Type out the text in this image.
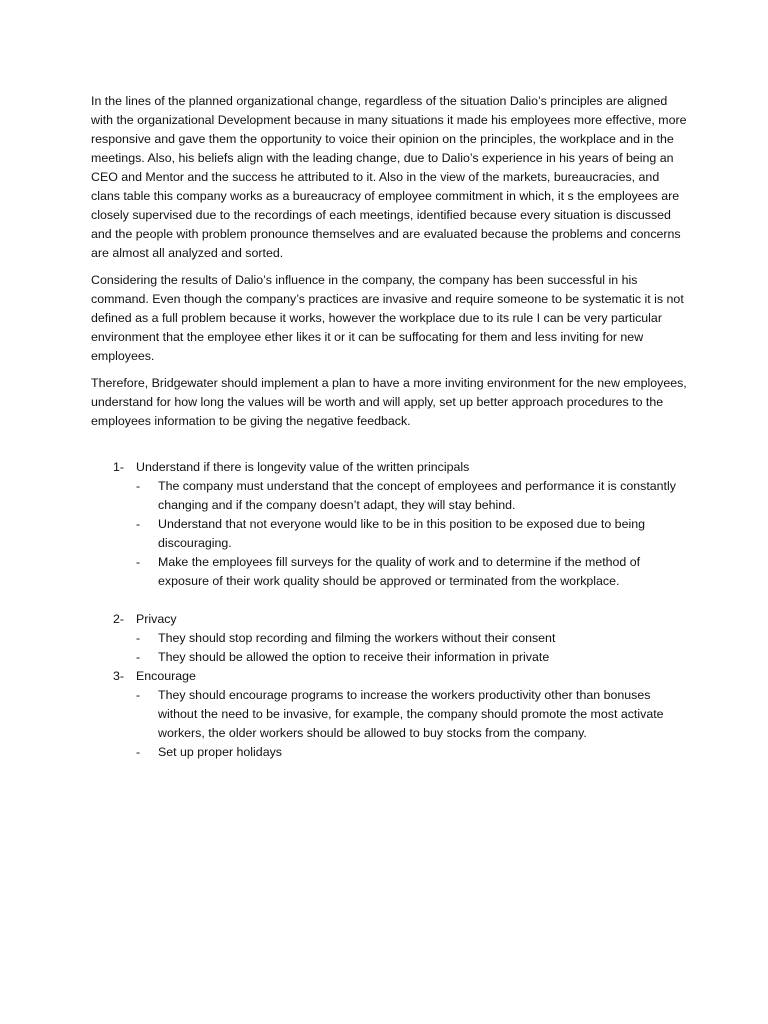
In the lines of the planned organizational change, regardless of the situation Dalio’s principles are aligned with the organizational Development because in many situations it made his employees more effective, more responsive and gave them the opportunity to voice their opinion on the principles, the workplace and in the meetings. Also, his beliefs align with the leading change, due to Dalio’s experience in his years of being an CEO and Mentor and the success he attributed to it. Also in the view of the markets, bureaucracies, and clans table this company works as a bureaucracy of employee commitment in which, it s the employees are closely supervised due to the recordings of each meetings, identified because every situation is discussed and the people with problem pronounce themselves and are evaluated because the problems and concerns are almost all analyzed and sorted.

Considering the results of Dalio’s influence in the company, the company has been successful in his command. Even though the company’s practices are invasive and require someone to be systematic it is not defined as a full problem because it works, however the workplace due to its rule I can be very particular environment that the employee ether likes it or it can be suffocating for them and less inviting for new employees.

Therefore, Bridgewater should implement a plan to have a more inviting environment for the new employees, understand for how long the values will be worth and will apply, set up better approach procedures to the employees information to be giving the negative feedback.

1- Understand if there is longevity value of the written principals
- The company must understand that the concept of employees and performance it is constantly changing and if the company doesn’t adapt, they will stay behind.
- Understand that not everyone would like to be in this position to be exposed due to being discouraging.
- Make the employees fill surveys for the quality of work and to determine if the method of exposure of their work quality should be approved or terminated from the workplace.
2- Privacy
- They should stop recording and filming the workers without their consent
- They should be allowed the option to receive their information in private
3- Encourage
- They should encourage programs to increase the workers productivity other than bonuses without the need to be invasive, for example, the company should promote the most activate workers, the older workers should be allowed to buy stocks from the company.
- Set up proper holidays
